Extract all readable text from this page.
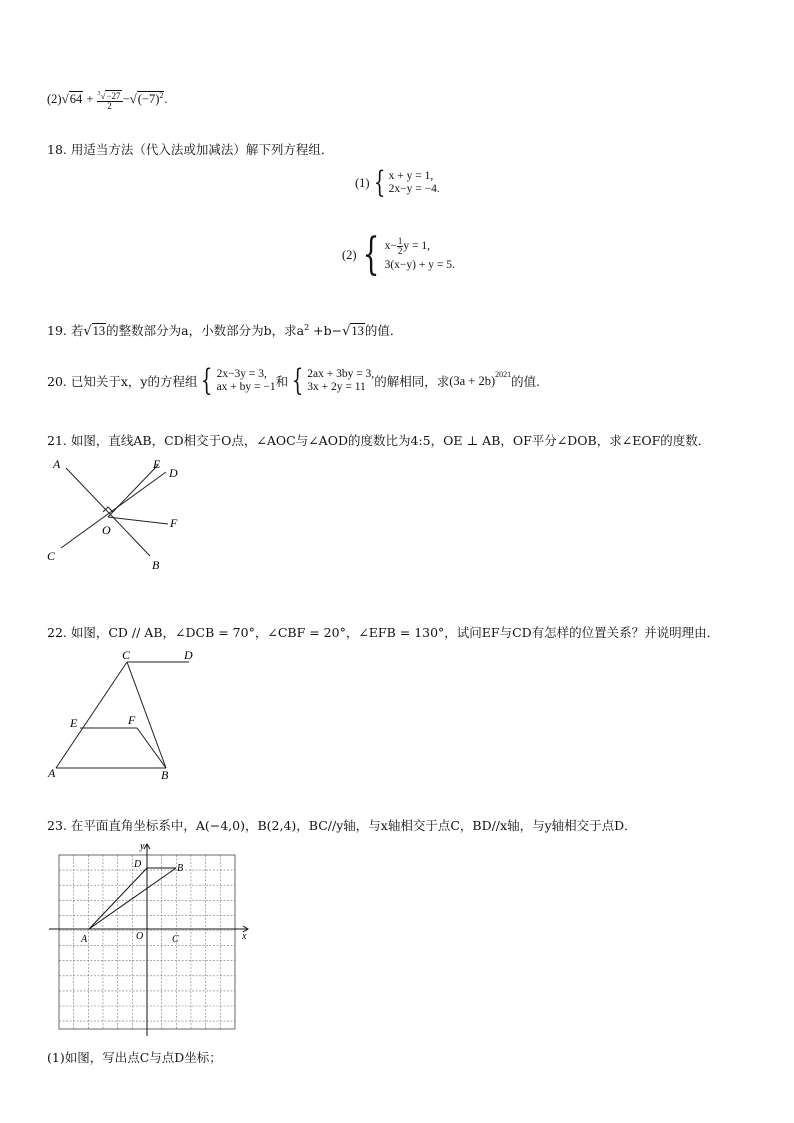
$(2)√64 + \frac{^3√-27}{2} -√(-7)^2$.
18. 用适当方法（代入法或加减法）解下列方程组．
(1) { x + y = 1,
2x−y = −4.
(2) { $x- \frac{1}{2}$ y = 1,
3(x−y) + y = 5.
19. 若√13的整数部分为a，小数部分为b，求$a^2 +b-√13$的值．
20. 已知关于x，y的方程组 { 2x−3y = 3,
ax + by = −1 和 { 2ax + 3by = 3,
3x + 2y = 11 的解相同，求 $(3a + 2b)^{2021}$ 的值.
21. 如图，直线AB，CD相交于O点，∠AOC与∠AOD的度数比为4:5，OE ⊥ AB，OF平分∠DOB，求∠EOF的度数．
A	E
D
F
O
C
B
22. 如图，CD // AB，∠DCB = 70°，∠CBF = 20°，∠EFB = 130°，试问EF与CD有怎样的位置关系？并说明理由．
C	D
E	F
A	B
23. 在平面直角坐标系中，A(−4,0)，B(2,4)，BC//y轴，与x轴相交于点C，BD//x轴，与y轴相交于点D．
y
D	B
A	O	C	x
(1)如图，写出点C与点D坐标；
